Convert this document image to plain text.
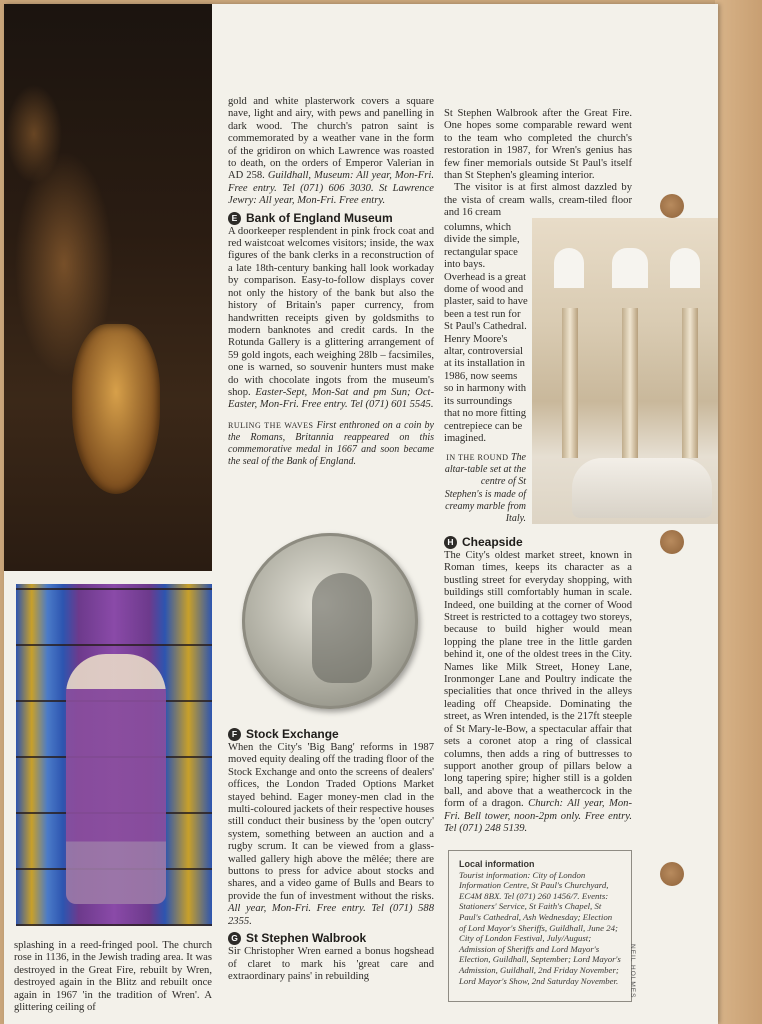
splashing in a reed-fringed pool. The church rose in 1136, in the Jewish trading area. It was destroyed in the Great Fire, rebuilt by Wren, destroyed again in the Blitz and rebuilt once again in 1967 'in the tradition of Wren'. A glittering ceiling of

gold and white plasterwork covers a square nave, light and airy, with pews and panelling in dark wood. The church's patron saint is commemorated by a weather vane in the form of the gridiron on which Lawrence was roasted to death, on the orders of Emperor Valerian in AD 258. Guildhall, Museum: All year, Mon-Fri. Free entry. Tel (071) 606 3030. St Lawrence Jewry: All year, Mon-Fri. Free entry.

E Bank of England Museum

A doorkeeper resplendent in pink frock coat and red waistcoat welcomes visitors; inside, the wax figures of the bank clerks in a reconstruction of a late 18th-century banking hall look workaday by comparison. Easy-to-follow displays cover not only the history of the bank but also the history of Britain's paper currency, from handwritten receipts given by goldsmiths to modern banknotes and credit cards. In the Rotunda Gallery is a glittering arrangement of 59 gold ingots, each weighing 28lb – facsimiles, one is warned, so souvenir hunters must make do with chocolate ingots from the museum's shop. Easter-Sept, Mon-Sat and pm Sun; Oct-Easter, Mon-Fri. Free entry. Tel (071) 601 5545.

RULING THE WAVES First enthroned on a coin by the Romans, Britannia reappeared on this commemorative medal in 1667 and soon became the seal of the Bank of England.

F Stock Exchange

When the City's 'Big Bang' reforms in 1987 moved equity dealing off the trading floor of the Stock Exchange and onto the screens of dealers' offices, the London Traded Options Market stayed behind. Eager money-men clad in the multi-coloured jackets of their respective houses still conduct their business by the 'open outcry' system, something between an auction and a rugby scrum. It can be viewed from a glass-walled gallery high above the mêlée; there are buttons to press for advice about stocks and shares, and a video game of Bulls and Bears to provide the fun of investment without the risks. All year, Mon-Fri. Free entry. Tel (071) 588 2355.

G St Stephen Walbrook

Sir Christopher Wren earned a bonus hogshead of claret to mark his 'great care and extraordinary pains' in rebuilding

St Stephen Walbrook after the Great Fire. One hopes some comparable reward went to the team who completed the church's restoration in 1987, for Wren's genius has few finer memorials outside St Paul's itself than St Stephen's gleaming interior.

The visitor is at first almost dazzled by the vista of cream walls, cream-tiled floor and 16 cream

columns, which divide the simple, rectangular space into bays. Overhead is a great dome of wood and plaster, said to have been a test run for St Paul's Cathedral. Henry Moore's altar, controversial at its installation in 1986, now seems so in harmony with its surroundings that no more fitting centrepiece can be imagined.

IN THE ROUND The altar-table set at the centre of St Stephen's is made of creamy marble from Italy.
H Cheapside

The City's oldest market street, known in Roman times, keeps its character as a bustling street for everyday shopping, with buildings still comfortably human in scale. Indeed, one building at the corner of Wood Street is restricted to a cottagey two storeys, because to build higher would mean lopping the plane tree in the little garden behind it, one of the oldest trees in the City. Names like Milk Street, Honey Lane, Ironmonger Lane and Poultry indicate the specialities that once thrived in the alleys leading off Cheapside. Dominating the street, as Wren intended, is the 217ft steeple of St Mary-le-Bow, a spectacular affair that sets a coronet atop a ring of classical columns, then adds a ring of buttresses to support another group of pillars below a long tapering spire; higher still is a golden ball, and above that a weathercock in the form of a dragon. Church: All year, Mon-Fri. Bell tower, noon-2pm only. Free entry. Tel (071) 248 5139.

Local information
Tourist information: City of London Information Centre, St Paul's Churchyard, EC4M 8BX. Tel (071) 260 1456/7. Events: Stationers' Service, St Faith's Chapel, St Paul's Cathedral, Ash Wednesday; Election of Lord Mayor's Sheriffs, Guildhall, June 24; City of London Festival, July/August; Admission of Sheriffs and Lord Mayor's Election, Guildhall, September; Lord Mayor's Admission, Guildhall, 2nd Friday November; Lord Mayor's Show, 2nd Saturday November.	NEIL HOLMES
